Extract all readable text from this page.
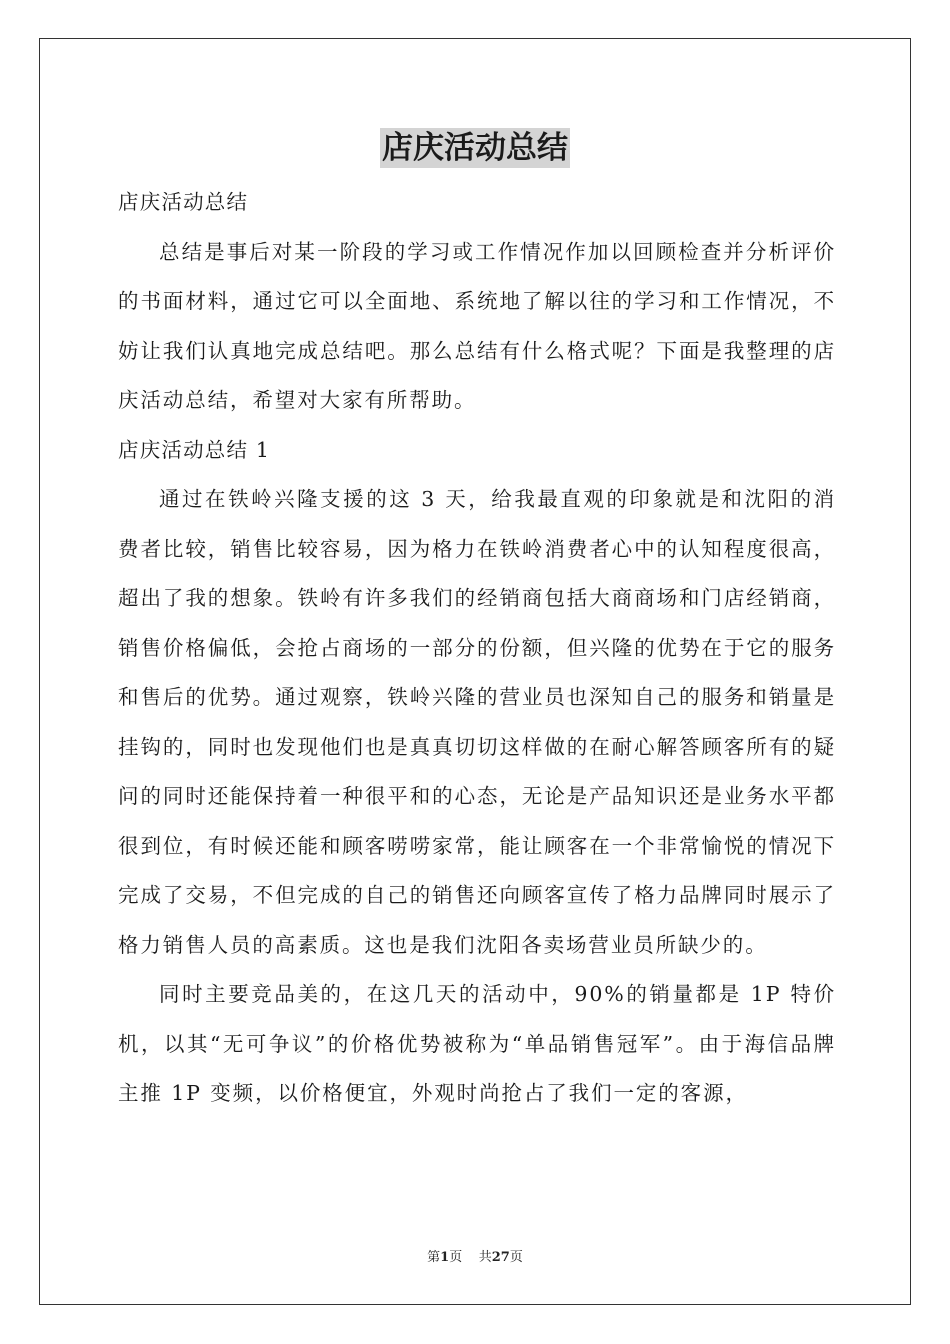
店庆活动总结

店庆活动总结

总结是事后对某一阶段的学习或工作情况作加以回顾检查并分析评价的书面材料，通过它可以全面地、系统地了解以往的学习和工作情况，不妨让我们认真地完成总结吧。那么总结有什么格式呢？下面是我整理的店庆活动总结，希望对大家有所帮助。

店庆活动总结 1

通过在铁岭兴隆支援的这 3 天，给我最直观的印象就是和沈阳的消费者比较，销售比较容易，因为格力在铁岭消费者心中的认知程度很高，超出了我的想象。铁岭有许多我们的经销商包括大商商场和门店经销商，销售价格偏低，会抢占商场的一部分的份额，但兴隆的优势在于它的服务和售后的优势。通过观察，铁岭兴隆的营业员也深知自己的服务和销量是挂钩的，同时也发现他们也是真真切切这样做的在耐心解答顾客所有的疑问的同时还能保持着一种很平和的心态，无论是产品知识还是业务水平都很到位，有时候还能和顾客唠唠家常，能让顾客在一个非常愉悦的情况下完成了交易，不但完成的自己的销售还向顾客宣传了格力品牌同时展示了格力销售人员的高素质。这也是我们沈阳各卖场营业员所缺少的。

同时主要竞品美的，在这几天的活动中，90%的销量都是 1P 特价机，以其“无可争议”的价格优势被称为“单品销售冠军”。由于海信品牌主推 1P 变频，以价格便宜，外观时尚抢占了我们一定的客源，

第1页 共27页
